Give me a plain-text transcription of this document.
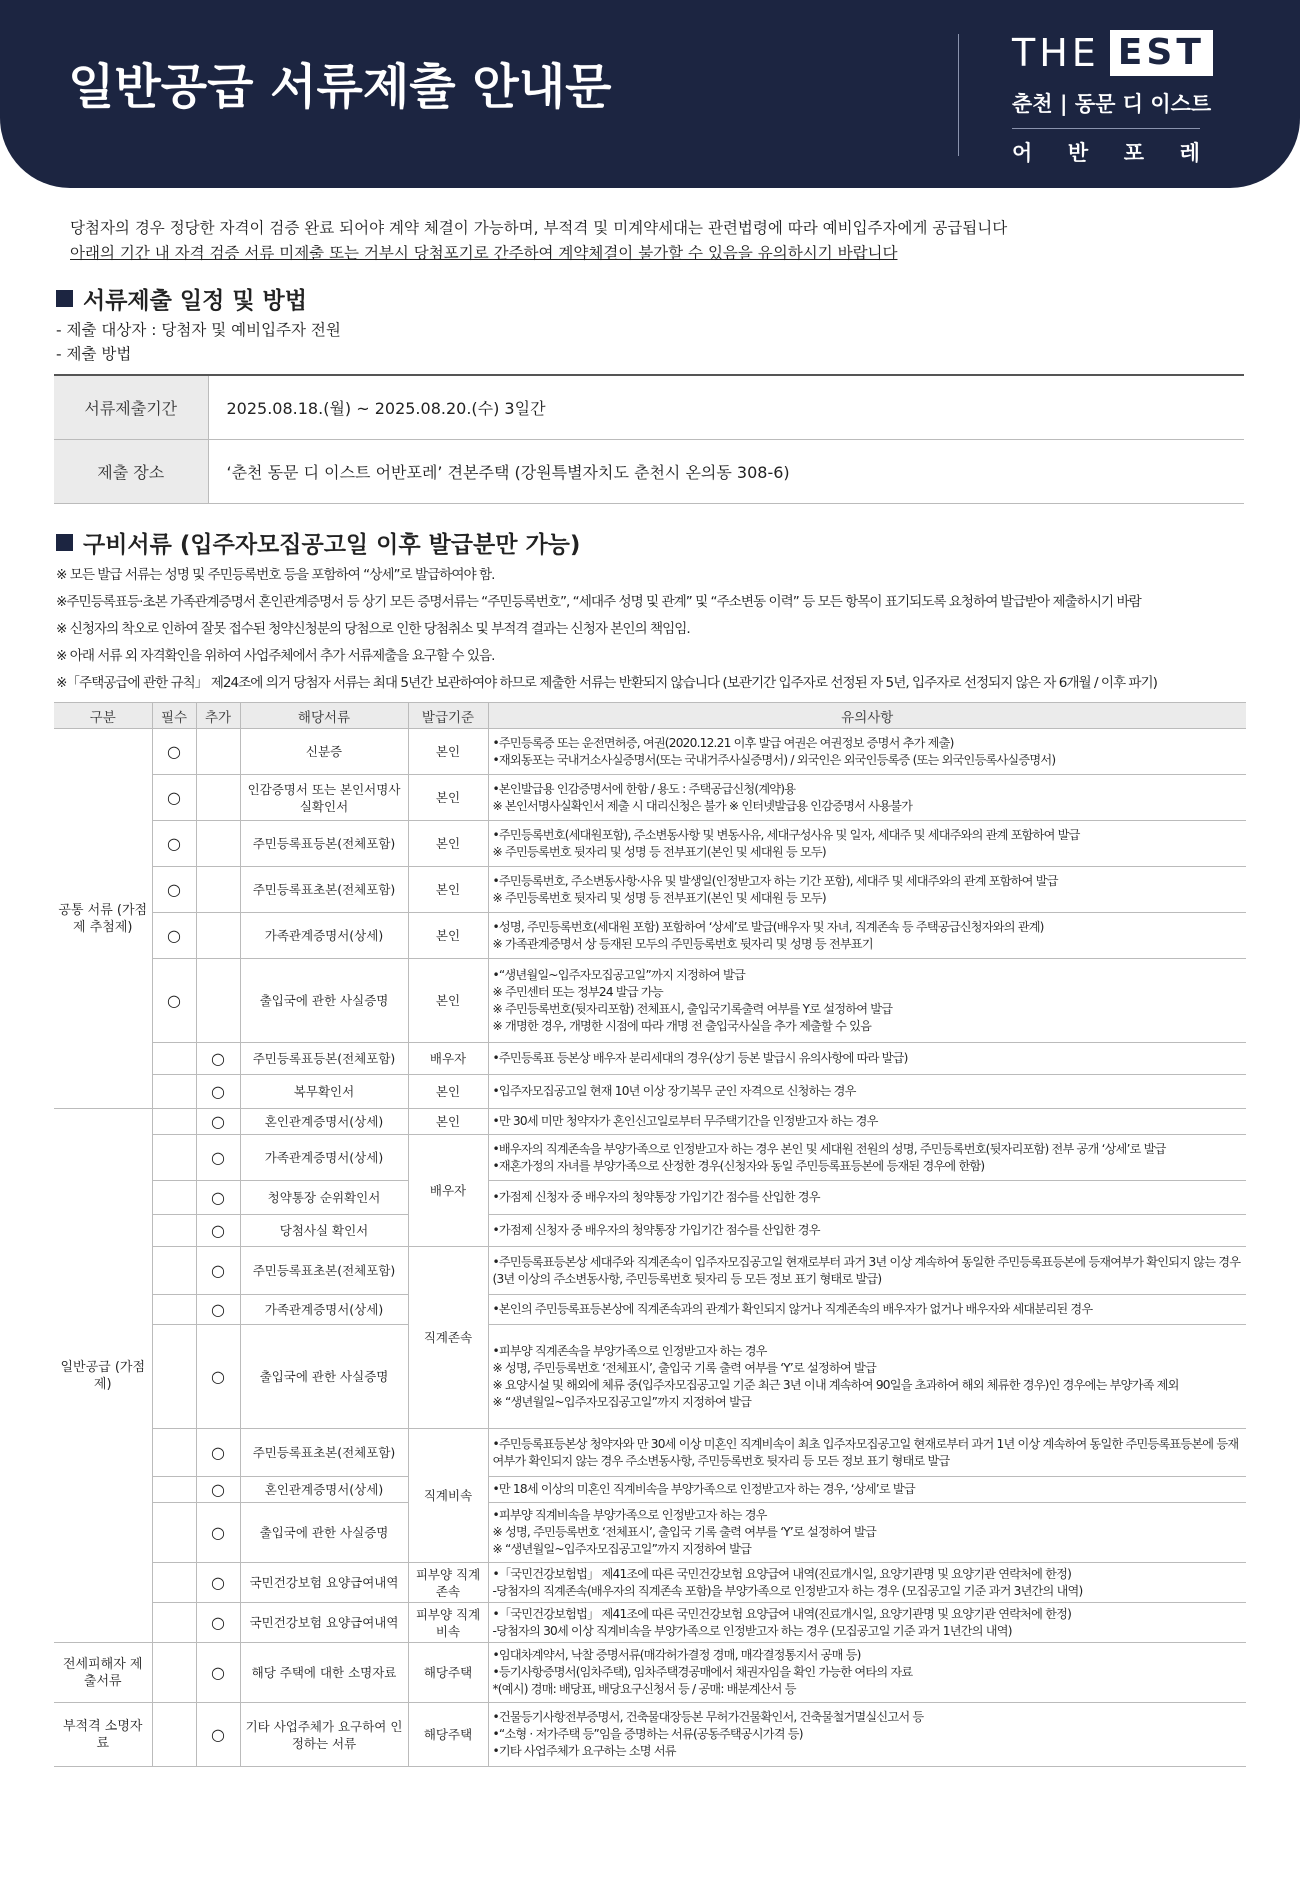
일반공급 서류제출 안내문
THE EST
춘천 | 동문 디 이스트
어 반 포 레
당첨자의 경우 정당한 자격이 검증 완료 되어야 계약 체결이 가능하며, 부적격 및 미계약세대는 관련법령에 따라 예비입주자에게 공급됩니다
아래의 기간 내 자격 검증 서류 미제출 또는 거부시 당첨포기로 간주하여 계약체결이 불가할 수 있음을 유의하시기 바랍니다
서류제출 일정 및 방법
- 제출 대상자 : 당첨자 및 예비입주자 전원
- 제출 방법
서류제출기간	2025.08.18.(월) ~ 2025.08.20.(수) 3일간
제출 장소	‘춘천 동문 디 이스트 어반포레’ 견본주택 (강원특별자치도 춘천시 온의동 308-6)
구비서류 (입주자모집공고일 이후 발급분만 가능)
※ 모든 발급 서류는 성명 및 주민등록번호 등을 포함하여 “상세”로 발급하여야 함.
※주민등록표등·초본 가족관계증명서 혼인관계증명서 등 상기 모든 증명서류는 “주민등록번호”, “세대주 성명 및 관계” 및 “주소변동 이력” 등 모든 항목이 표기되도록 요청하여 발급받아 제출하시기 바람
※ 신청자의 착오로 인하여 잘못 접수된 청약신청분의 당첨으로 인한 당첨취소 및 부적격 결과는 신청자 본인의 책임임.
※ 아래 서류 외 자격확인을 위하여 사업주체에서 추가 서류제출을 요구할 수 있음.
※「주택공급에 관한 규칙」 제24조에 의거 당첨자 서류는 최대 5년간 보관하여야 하므로 제출한 서류는 반환되지 않습니다 (보관기간 입주자로 선정된 자 5년, 입주자로 선정되지 않은 자 6개월 / 이후 파기)
구분	필수	추가	해당서류	발급기준	유의사항
공통 서류 (가점제 추첨제)	○		신분증	본인	•주민등록증 또는 운전면허증, 여권(2020.12.21 이후 발급 여권은 여권정보 증명서 추가 제출)
•재외동포는 국내거소사실증명서(또는 국내거주사실증명서) / 외국인은 외국인등록증 (또는 외국인등록사실증명서)

	○		인감증명서 또는 본인서명사실확인서	본인	•본인발급용 인감증명서에 한함 / 용도 : 주택공급신청(계약)용
※ 본인서명사실확인서 제출 시 대리신청은 불가 ※ 인터넷발급용 인감증명서 사용불가

	○		주민등록표등본(전체포함)	본인	•주민등록번호(세대원포함), 주소변동사항 및 변동사유, 세대구성사유 및 일자, 세대주 및 세대주와의 관계 포함하여 발급
※ 주민등록번호 뒷자리 및 성명 등 전부표기(본인 및 세대원 등 모두)

	○		주민등록표초본(전체포함)	본인	•주민등록번호, 주소변동사항·사유 및 발생일(인정받고자 하는 기간 포함), 세대주 및 세대주와의 관계 포함하여 발급
※ 주민등록번호 뒷자리 및 성명 등 전부표기(본인 및 세대원 등 모두)

	○		가족관계증명서(상세)	본인	•성명, 주민등록번호(세대원 포함) 포함하여 ‘상세’로 발급(배우자 및 자녀, 직계존속 등 주택공급신청자와의 관계)
※ 가족관계증명서 상 등재된 모두의 주민등록번호 뒷자리 및 성명 등 전부표기

	○		출입국에 관한 사실증명	본인	•“생년월일~입주자모집공고일”까지 지정하여 발급
※ 주민센터 또는 정부24 발급 가능
※ 주민등록번호(뒷자리포함) 전체표시, 출입국기록출력 여부를 Y로 설정하여 발급
※ 개명한 경우, 개명한 시점에 따라 개명 전 출입국사실을 추가 제출할 수 있음

		○	주민등록표등본(전체포함)	배우자	•주민등록표 등본상 배우자 분리세대의 경우(상기 등본 발급시 유의사항에 따라 발급)

		○	복무확인서	본인	•입주자모집공고일 현재 10년 이상 장기복무 군인 자격으로 신청하는 경우

일반공급 (가점제)		○	혼인관계증명서(상세)	본인	•만 30세 미만 청약자가 혼인신고일로부터 무주택기간을 인정받고자 하는 경우

		○	가족관계증명서(상세)	배우자	•배우자의 직계존속을 부양가족으로 인정받고자 하는 경우 본인 및 세대원 전원의 성명, 주민등록번호(뒷자리포함) 전부 공개 ‘상세’로 발급
•재혼가정의 자녀를 부양가족으로 산정한 경우(신청자와 동일 주민등록표등본에 등재된 경우에 한함)

		○	청약통장 순위확인서		•가점제 신청자 중 배우자의 청약통장 가입기간 점수를 산입한 경우

		○	당첨사실 확인서		•가점제 신청자 중 배우자의 청약통장 가입기간 점수를 산입한 경우

		○	주민등록표초본(전체포함)	직계존속	•주민등록표등본상 세대주와 직계존속이 입주자모집공고일 현재로부터 과거 3년 이상 계속하여 동일한 주민등록표등본에 등재여부가 확인되지 않는 경우(3년 이상의 주소변동사항, 주민등록번호 뒷자리 등 모든 정보 표기 형태로 발급)

		○	가족관계증명서(상세)		•본인의 주민등록표등본상에 직계존속과의 관계가 확인되지 않거나 직계존속의 배우자가 없거나 배우자와 세대분리된 경우

		○	출입국에 관한 사실증명		•피부양 직계존속을 부양가족으로 인정받고자 하는 경우
※ 성명, 주민등록번호 ‘전체표시’, 출입국 기록 출력 여부를 ‘Y’로 설정하여 발급
※ 요양시설 및 해외에 체류 중(입주자모집공고일 기준 최근 3년 이내 계속하여 90일을 초과하여 해외 체류한 경우)인 경우에는 부양가족 제외
※ “생년월일~입주자모집공고일”까지 지정하여 발급

		○	주민등록표초본(전체포함)	직계비속	•주민등록표등본상 청약자와 만 30세 이상 미혼인 직계비속이 최초 입주자모집공고일 현재로부터 과거 1년 이상 계속하여 동일한 주민등록표등본에 등재여부가 확인되지 않는 경우 주소변동사항, 주민등록번호 뒷자리 등 모든 정보 표기 형태로 발급

		○	혼인관계증명서(상세)		•만 18세 이상의 미혼인 직계비속을 부양가족으로 인정받고자 하는 경우, ‘상세’로 발급

		○	출입국에 관한 사실증명		•피부양 직계비속을 부양가족으로 인정받고자 하는 경우
※ 성명, 주민등록번호 ‘전체표시’, 출입국 기록 출력 여부를 ‘Y’로 설정하여 발급
※ “생년월일~입주자모집공고일”까지 지정하여 발급

		○	국민건강보험 요양급여내역	피부양 직계존속	•「국민건강보험법」 제41조에 따른 국민건강보험 요양급여 내역(진료개시일, 요양기관명 및 요양기관 연락처에 한정)
-당첨자의 직계존속(배우자의 직계존속 포함)을 부양가족으로 인정받고자 하는 경우 (모집공고일 기준 과거 3년간의 내역)

		○	국민건강보험 요양급여내역	피부양 직계비속	•「국민건강보험법」 제41조에 따른 국민건강보험 요양급여 내역(진료개시일, 요양기관명 및 요양기관 연락처에 한정)
-당첨자의 30세 이상 직계비속을 부양가족으로 인정받고자 하는 경우 (모집공고일 기준 과거 1년간의 내역)

전세피해자 제출서류		○	해당 주택에 대한 소명자료	해당주택	•임대차계약서, 낙찰 증명서류(매각허가결정 경매, 매각결정통지서 공매 등)
•등기사항증명서(임차주택), 임차주택경공매에서 채권자임을 확인 가능한 여타의 자료
*(예시) 경매: 배당표, 배당요구신청서 등 / 공매: 배분계산서 등

부적격 소명자료		○	기타 사업주체가 요구하여 인정하는 서류	해당주택	•건물등기사항전부증명서, 건축물대장등본 무허가건물확인서, 건축물철거멸실신고서 등
•“소형 · 저가주택 등”임을 증명하는 서류(공동주택공시가격 등)
•기타 사업주체가 요구하는 소명 서류
